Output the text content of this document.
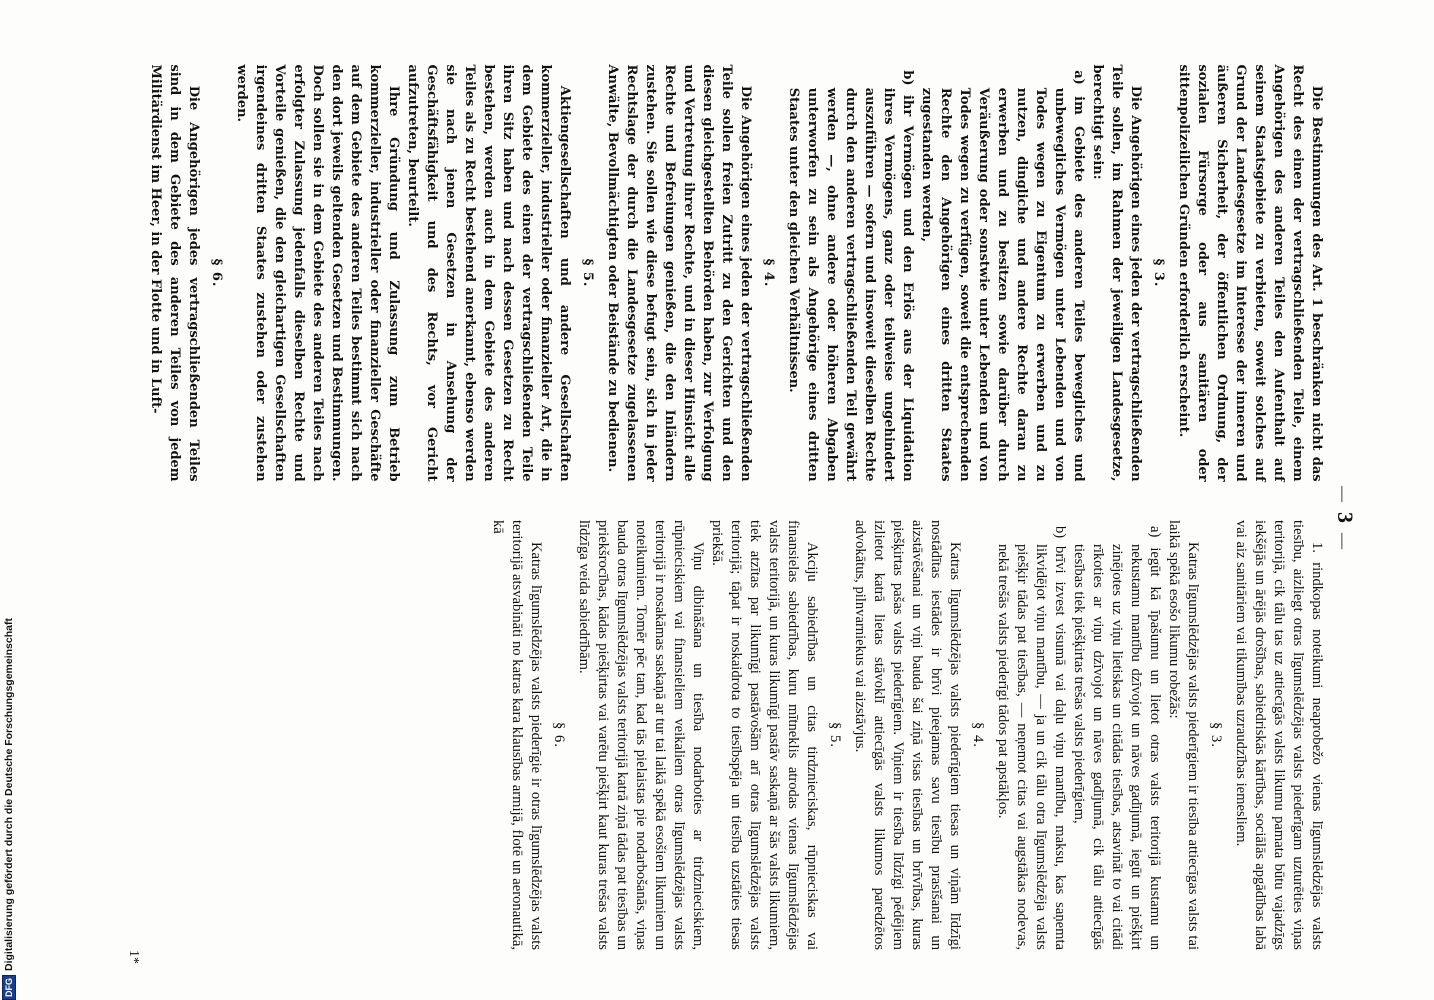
—3—

Die Bestimmungen des Art. 1 beschränken nicht das Recht des einen der vertragschließenden Teile, einem Angehörigen des anderen Teiles den Aufenthalt auf seinem Staatsgebiete zu verbieten, soweit solches auf Grund der Landesgesetze im Interesse der inneren und äußeren Sicherheit, der öffentlichen Ordnung, der sozialen Fürsorge oder aus sanitären oder sittenpolizeilichen Gründen erforderlich erscheint.

§ 3.

Die Angehörigen eines jeden der vertragschließenden Teile sollen, im Rahmen der jeweiligen Landesgesetze, berechtigt sein:

a) im Gebiete des anderen Teiles bewegliches und unbewegliches Vermögen unter Lebenden und von Todes wegen zu Eigentum zu erwerben und zu nutzen, dingliche und andere Rechte daran zu erwerben und zu besitzen sowie darüber durch Veräußerung oder sonstwie unter Lebenden und von Todes wegen zu verfügen, soweit die entsprechenden Rechte den Angehörigen eines dritten Staates zugestanden werden,

b) ihr Vermögen und den Erlös aus der Liquidation ihres Vermögens, ganz oder teilweise ungehindert auszuführen — sofern und insoweit dieselben Rechte durch den anderen vertragschließenden Teil gewährt werden —, ohne andere oder höheren Abgaben unterworfen zu sein als Angehörige eines dritten Staates unter den gleichen Verhältnissen.

§ 4.

Die Angehörigen eines jeden der vertragschließenden Teile sollen freien Zutritt zu den Gerichten und den diesen gleichgestellten Behörden haben, zur Verfolgung und Vertretung ihrer Rechte, und in dieser Hinsicht alle Rechte und Befreiungen genießen, die den Inländern zustehen. Sie sollen wie diese befugt sein, sich in jeder Rechtslage der durch die Landesgesetze zugelassenen Anwälte, Bevollmächtigten oder Beistände zu bedienen.

§ 5.

Aktiengesellschaften und andere Gesellschaften kommerzieller, industrieller oder finanzieller Art, die in dem Gebiete des einen der vertragschließenden Teile ihren Sitz haben und nach dessen Gesetzen zu Recht bestehen, werden auch in dem Gebiete des anderen Teiles als zu Recht bestehend anerkannt, ebenso werden sie nach jenen Gesetzen in Ansehung der Geschäftsfähigkeit und des Rechts, vor Gericht aufzutreten, beurteilt.

Ihre Gründung und Zulassung zum Betrieb kommerzieller, industrieller oder finanzieller Geschäfte auf dem Gebiete des anderen Teiles bestimmt sich nach den dort jeweils geltenden Gesetzen und Bestimmungen. Doch sollen sie in dem Gebiete des anderen Teiles nach erfolgter Zulassung jedenfalls dieselben Rechte und Vorteile genießen, die den gleichartigen Gesellschaften irgendeines dritten Staates zustehen oder zustehen werden.

§ 6.

Die Angehörigen jedes vertragschließenden Teiles sind in dem Gebiete des anderen Teiles von jedem Militärdienst im Heer, in der Flotte und in Luft-

1. rindkopas noteikumi neaprobežo vienas līgumslēdzējas valsts tiesību, aizliegt otras līgumslēdzējas valsts piederīgam uzturēties viņas teritorijā, cik tālu tas uz attiecīgās valsts likumu pamata būtu vajadzīgs iekšējās un ārējās drošības, sabiedriskās kārtības, sociālās apgādības labā vai aiz sanitāriem vai tikumības uzraudzības iemesliem.

§ 3.

Katras līgumslēdzējas valsts piederīgiem ir tiesība attiecīgas valsts tai laikā spēkā esošo likumu robežās:

a) iegūt kā īpašumu un lietot otras valsts teritorijā kustamu un nekustamu mantību dzīvojot un nāves gadījumā, iegūt un piešķirt zinējotes uz viņu lietiskas un citādas tiesības, atsavināt to vai citādi rīkoties ar viņu dzīvojot un nāves gadījumā, cik tālu attiecīgās tiesības tiek piešķirtas trešas valsts piederīgiem,

b) brīvi izvest visumā vai daļu viņu mantību, maksu, kas saņemta likvidējot viņu mantību, — ja un cik tālu otra līgumslēdzēja valsts piešķir tādas pat tiesības, — neņemot citas vai augstākas nodevas, nekā trešās valsts piederīgi tādos pat apstākļos.

§ 4.

Katras līgumslēdzējas valsts piederīgiem tiesas un viņām līdzīgi nostādītas iestādes ir brīvi pieejamas savu tiesību prasīšanai un aizstāvēšanai un viņi bauda šai ziņā visas tiesības un brīvības, kuras piešķirtas pašas valsts piederīgiem. Viņiem ir tiesība līdzīgi pēdējiem izlietot katrā lietas stāvoklī attiecīgās valsts likumos paredzētos advokātus, pilnvarniekus vai aizstāvjus.

§ 5.

Akciju sabiedrības un citas tirdznieciskas, rūpnieciskas vai finansielas sabiedrības, kuru mītneklis atrodas vienas līgumslēdzējas valsts teritorijā, un kuras likumīgi pastāv saskaņā ar šās valsts likumiem, tiek atzītas par likumīgi pastāvošām arī otras līgumslēdzējas valsts teritorijā; tāpat ir noskaidrota to tiesībspēja un tiesība uzstāties tiesas priekšā.

Viņu dibināšana un tiesība nodarboties ar tirdznieciskiem, rūpnieciskiem vai finansieliem veikaliem otras līgumslēdzējas valsts teritorijā ir nosakāmas saskaņā ar tur tai laikā spēkā esošiem likumiem un noteikumiem. Tomēr pēc tam, kad tās pielaistas pie nodarbošanās, viņas bauda otras līgumslēdzējas valsts teritorijā katrā ziņā tādas pat tiesības un priekšrocības, kādas piešķirtas vai varētu piešķirt kaut kuras trešas valsts līdzīga veida sabiedrībām.

§ 6.

Katras līgumslēdzējas valsts piederīgie ir otras līgumslēdzējas valsts teritorijā atsvabināti no katras kara klausības armijā, flotē un aeronautikā, kā

1*
DFG
Digitalisierung gefördert durch die Deutsche Forschungsgemeinschaft
